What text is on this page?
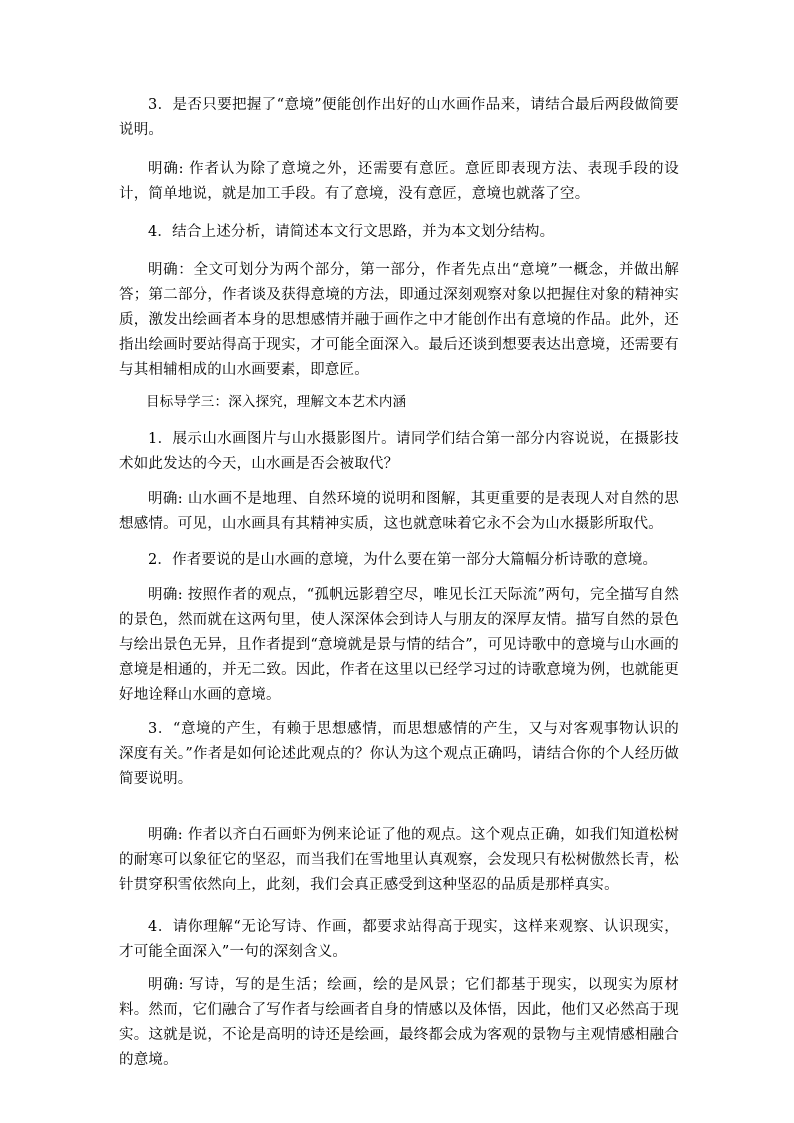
3．是否只要把握了“意境”便能创作出好的山水画作品来，请结合最后两段做简要说明。

明确: 作者认为除了意境之外，还需要有意匠。意匠即表现方法、表现手段的设计，简单地说，就是加工手段。有了意境，没有意匠，意境也就落了空。

4．结合上述分析，请简述本文行文思路，并为本文划分结构。

明确：全文可划分为两个部分，第一部分，作者先点出“意境”一概念，并做出解答；第二部分，作者谈及获得意境的方法，即通过深刻观察对象以把握住对象的精神实质，激发出绘画者本身的思想感情并融于画作之中才能创作出有意境的作品。此外，还指出绘画时要站得高于现实，才可能全面深入。最后还谈到想要表达出意境，还需要有与其相辅相成的山水画要素，即意匠。

目标导学三：深入探究，理解文本艺术内涵

1．展示山水画图片与山水摄影图片。请同学们结合第一部分内容说说，在摄影技术如此发达的今天，山水画是否会被取代？

明确: 山水画不是地理、自然环境的说明和图解，其更重要的是表现人对自然的思想感情。可见，山水画具有其精神实质，这也就意味着它永不会为山水摄影所取代。

2．作者要说的是山水画的意境，为什么要在第一部分大篇幅分析诗歌的意境。

明确: 按照作者的观点，“孤帆远影碧空尽，唯见长江天际流”两句，完全描写自然的景色，然而就在这两句里，使人深深体会到诗人与朋友的深厚友情。描写自然的景色与绘出景色无异，且作者提到“意境就是景与情的结合”，可见诗歌中的意境与山水画的意境是相通的，并无二致。因此，作者在这里以已经学习过的诗歌意境为例，也就能更好地诠释山水画的意境。

3．“意境的产生，有赖于思想感情，而思想感情的产生，又与对客观事物认识的深度有关。”作者是如何论述此观点的？你认为这个观点正确吗，请结合你的个人经历做简要说明。

明确: 作者以齐白石画虾为例来论证了他的观点。这个观点正确，如我们知道松树的耐寒可以象征它的坚忍，而当我们在雪地里认真观察，会发现只有松树傲然长青，松针贯穿积雪依然向上，此刻，我们会真正感受到这种坚忍的品质是那样真实。

4．请你理解“无论写诗、作画，都要求站得高于现实，这样来观察、认识现实，才可能全面深入”一句的深刻含义。

明确: 写诗，写的是生活；绘画，绘的是风景；它们都基于现实，以现实为原材料。然而，它们融合了写作者与绘画者自身的情感以及体悟，因此，他们又必然高于现实。这就是说，不论是高明的诗还是绘画，最终都会成为客观的景物与主观情感相融合的意境。
